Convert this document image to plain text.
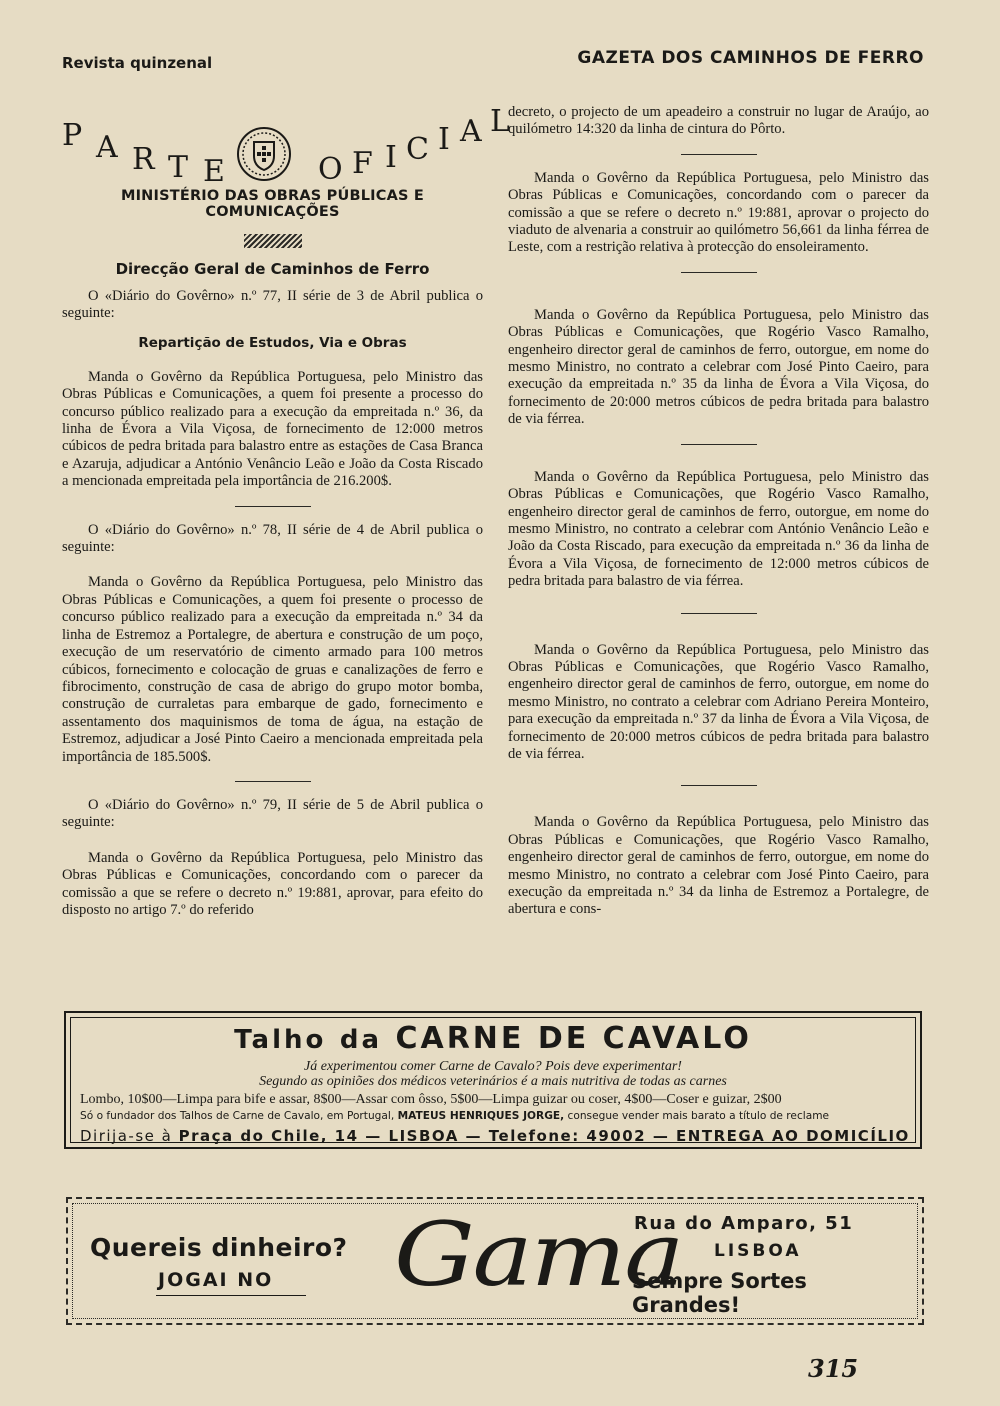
Revista quinzenal	GAZETA DOS CAMINHOS DE FERRO
P A R T E	O F I C I A L
MINISTÉRIO DAS OBRAS PÚBLICAS E COMUNICAÇÕES
Direcção Geral de Caminhos de Ferro

O «Diário do Govêrno» n.º 77, II série de 3 de Abril publica o seguinte:

Repartição de Estudos, Via e Obras

Manda o Govêrno da República Portuguesa, pelo Ministro das Obras Públicas e Comunicações, a quem foi presente a processo do concurso público realizado para a execução da empreitada n.º 36, da linha de Évora a Vila Viçosa, de fornecimento de 12:000 metros cúbicos de pedra britada para balastro entre as estações de Casa Branca e Azaruja, adjudicar a António Venâncio Leão e João da Costa Riscado a mencionada empreitada pela importância de 216.200$.

O «Diário do Govêrno» n.º 78, II série de 4 de Abril publica o seguinte:

Manda o Govêrno da República Portuguesa, pelo Ministro das Obras Públicas e Comunicações, a quem foi presente o processo de concurso público realizado para a execução da empreitada n.º 34 da linha de Estremoz a Portalegre, de abertura e construção de um poço, execução de um reservatório de cimento armado para 100 metros cúbicos, fornecimento e colocação de gruas e canalizações de ferro e fibrocimento, construção de casa de abrigo do grupo motor bomba, construção de curraletas para embarque de gado, fornecimento e assentamento dos maquinismos de toma de água, na estação de Estremoz, adjudicar a José Pinto Caeiro a mencionada empreitada pela importância de 185.500$.

O «Diário do Govêrno» n.º 79, II série de 5 de Abril publica o seguinte:

Manda o Govêrno da República Portuguesa, pelo Ministro das Obras Públicas e Comunicações, concordando com o parecer da comissão a que se refere o decreto n.º 19:881, aprovar, para efeito do disposto no artigo 7.º do referido

decreto, o projecto de um apeadeiro a construir no lugar de Araújo, ao quilómetro 14:320 da linha de cintura do Pôrto.

Manda o Govêrno da República Portuguesa, pelo Ministro das Obras Públicas e Comunicações, concordando com o parecer da comissão a que se refere o decreto n.º 19:881, aprovar o projecto do viaduto de alvenaria a construir ao quilómetro 56,661 da linha férrea de Leste, com a restrição relativa à protecção do ensoleiramento.

Manda o Govêrno da República Portuguesa, pelo Ministro das Obras Públicas e Comunicações, que Rogério Vasco Ramalho, engenheiro director geral de caminhos de ferro, outorgue, em nome do mesmo Ministro, no contrato a celebrar com José Pinto Caeiro, para execução da empreitada n.º 35 da linha de Évora a Vila Viçosa, do fornecimento de 20:000 metros cúbicos de pedra britada para balastro de via férrea.

Manda o Govêrno da República Portuguesa, pelo Ministro das Obras Públicas e Comunicações, que Rogério Vasco Ramalho, engenheiro director geral de caminhos de ferro, outorgue, em nome do mesmo Ministro, no contrato a celebrar com António Venâncio Leão e João da Costa Riscado, para execução da empreitada n.º 36 da linha de Évora a Vila Viçosa, de fornecimento de 12:000 metros cúbicos de pedra britada para balastro de via férrea.

Manda o Govêrno da República Portuguesa, pelo Ministro das Obras Públicas e Comunicações, que Rogério Vasco Ramalho, engenheiro director geral de caminhos de ferro, outorgue, em nome do mesmo Ministro, no contrato a celebrar com Adriano Pereira Monteiro, para execução da empreitada n.º 37 da linha de Évora a Vila Viçosa, de fornecimento de 20:000 metros cúbicos de pedra britada para balastro de via férrea.

Manda o Govêrno da República Portuguesa, pelo Ministro das Obras Públicas e Comunicações, que Rogério Vasco Ramalho, engenheiro director geral de caminhos de ferro, outorgue, em nome do mesmo Ministro, no contrato a celebrar com José Pinto Caeiro, para execução da empreitada n.º 34 da linha de Estremoz a Portalegre, de abertura e cons-

Talho da CARNE DE CAVALO
Já experimentou comer Carne de Cavalo? Pois deve experimentar!
Segundo as opiniões dos médicos veterinários é a mais nutritiva de todas as carnes
Lombo, 10$00—Limpa para bife e assar, 8$00—Assar com ôsso, 5$00—Limpa guizar ou coser, 4$00—Coser e guizar, 2$00
Só o fundador dos Talhos de Carne de Cavalo, em Portugal, MATEUS HENRIQUES JORGE, consegue vender mais barato a título de reclame
Dirija-se à Praça do Chile, 14 — LISBOA — Telefone: 49002 — ENTREGA AO DOMICÍLIO
Quereis dinheiro?
JOGAI NO Gama
Rua do Amparo, 51
LISBOA
Sempre Sortes Grandes!
315
